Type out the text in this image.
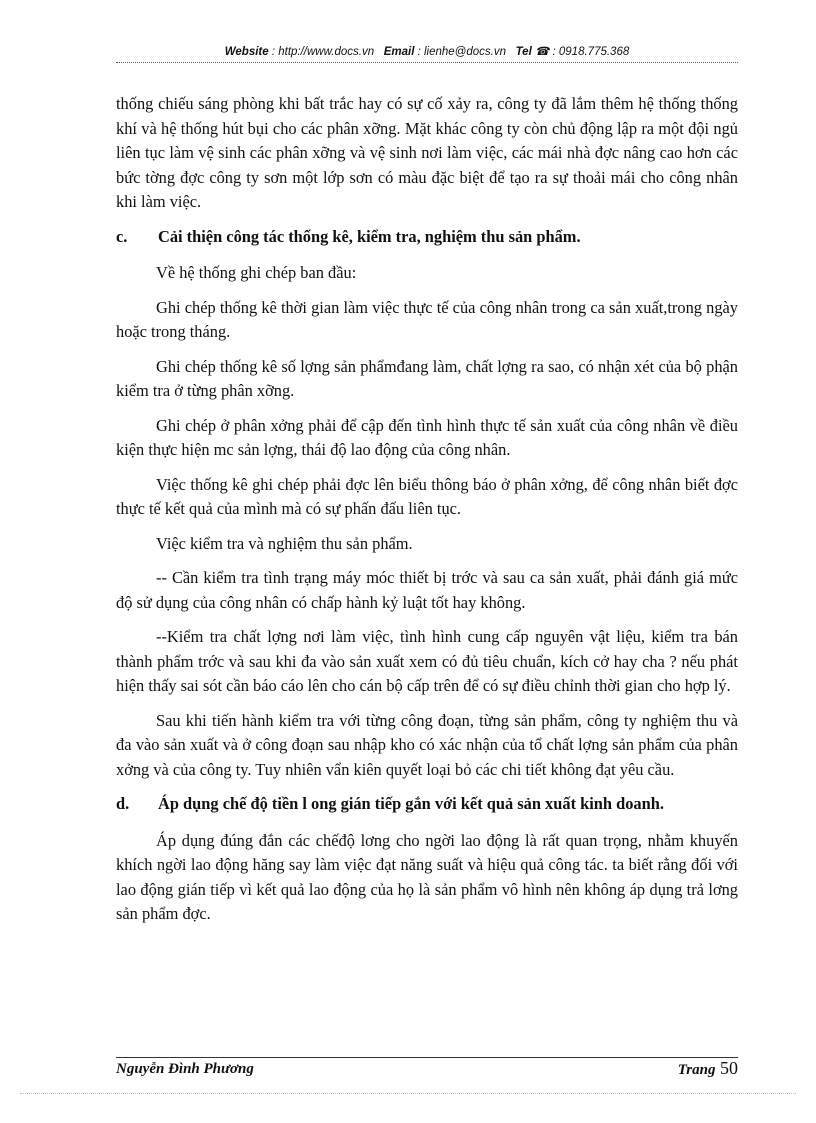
Website : http://www.docs.vn Email : lienhe@docs.vn Tel ☎ : 0918.775.368

thống chiếu sáng phòng khi bất trắc hay có sự cố xảy ra, công ty đã lắm thêm hệ thống thống khí và hệ thống hút bụi cho các phân xỡng. Mặt khác công ty còn chủ động lập ra một đội ngủ liên tục làm vệ sinh các phân xỡng và vệ sinh nơi làm việc, các mái nhà đợc nâng cao hơn các bức tờng đợc công ty sơn một lớp sơn có màu đặc biệt để tạo ra sự thoải mái cho công nhân khi làm việc.

c.	Cải thiện công tác thống kê, kiểm tra, nghiệm thu sản phẩm.

Về hệ thống ghi chép ban đầu:

Ghi chép thống kê thời gian làm việc thực tế của công nhân trong ca sản xuất,trong ngày hoặc trong tháng.

Ghi chép thống kê số lợng sản phẩmđang làm, chất lợng ra sao, có nhận xét của bộ phận kiểm tra ở từng phân xỡng.

Ghi chép ở phân xởng phải để cập đến tình hình thực tế sản xuất của công nhân về điều kiện thực hiện mc sản lợng, thái độ lao động của công nhân.

Việc thống kê ghi chép phải đợc lên biểu thông báo ở phân xởng, để công nhân biết đợc thực tế kết quả của mình mà có sự phấn đấu liên tục.

Việc kiểm tra và nghiệm thu sản phẩm.

-- Cần kiểm tra tình trạng máy móc thiết bị trớc và sau ca sản xuất, phải đánh giá mức độ sử dụng của công nhân có chấp hành kỷ luật tốt hay không.

--Kiểm tra chất lợng nơi làm việc, tình hình cung cấp nguyên vật liệu, kiểm tra bán thành phẩm trớc và sau khi đa vào sản xuất xem có đủ tiêu chuẩn, kích cở hay cha ? nếu phát hiện thấy sai sót cần báo cáo lên cho cán bộ cấp trên để có sự điều chỉnh thời gian cho hợp lý.

Sau khi tiến hành kiểm tra với từng công đoạn, từng sản phẩm, công ty nghiệm thu và đa vào sản xuất và ở công đoạn sau nhập kho có xác nhận của tổ chất lợng sản phẩm của phân xởng và của công ty. Tuy nhiên vẩn kiên quyết loại bỏ các chi tiết không đạt yêu cầu.

d.	Áp dụng chế độ tiền l ong gián tiếp gắn với kết quả sản xuất kinh doanh.

Áp dụng đúng đắn các chếđộ lơng cho ngời lao động là rất quan trọng, nhằm khuyến khích ngời lao động hăng say làm việc đạt năng suất và hiệu quả công tác. ta biết rằng đối với lao động gián tiếp vì kết quả lao động của họ là sản phẩm vô hình nên không áp dụng trả lơng sản phẩm đợc.

Nguyễn Đình Phương	Trang 50
